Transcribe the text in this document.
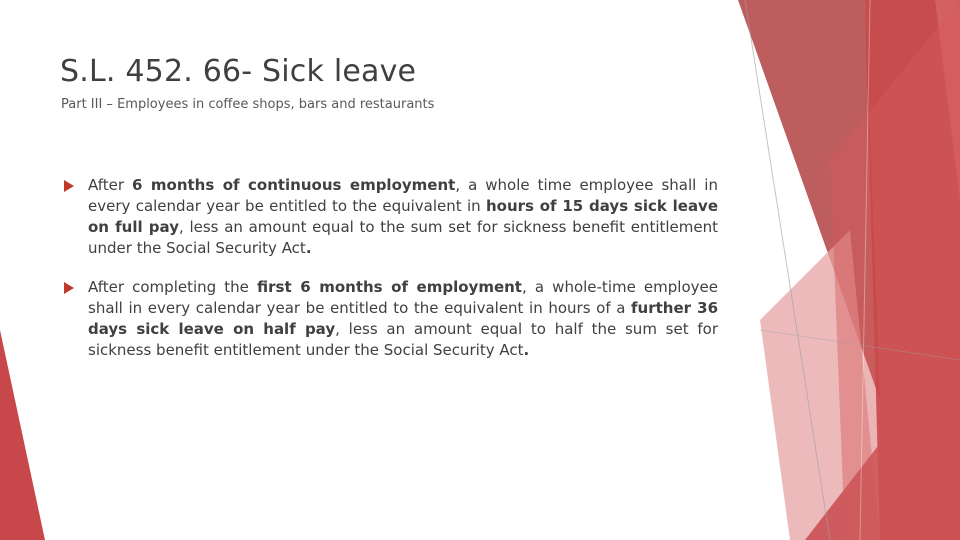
S.L. 452. 66- Sick leave
Part III – Employees in coffee shops, bars and restaurants
After 6 months of continuous employment, a whole time employee shall in every calendar year be entitled to the equivalent in hours of 15 days sick leave on full pay, less an amount equal to the sum set for sickness benefit entitlement under the Social Security Act.
After completing the first 6 months of employment, a whole-time employee shall in every calendar year be entitled to the equivalent in hours of a further 36 days sick leave on half pay, less an amount equal to half the sum set for sickness benefit entitlement under the Social Security Act.
